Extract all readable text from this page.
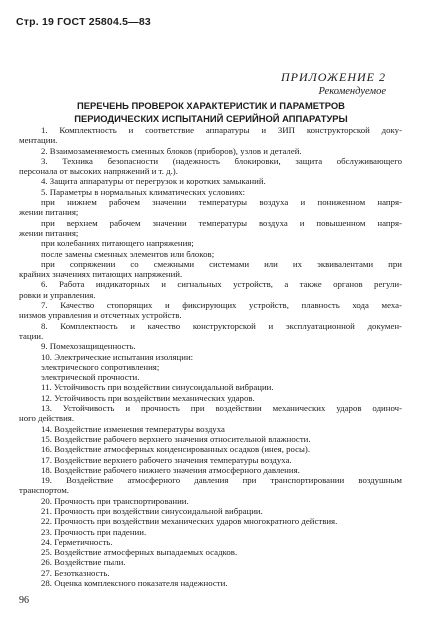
Стр. 19 ГОСТ 25804.5—83
ПРИЛОЖЕНИЕ 2
Рекомендуемое
ПЕРЕЧЕНЬ ПРОВЕРОК ХАРАКТЕРИСТИК И ПАРАМЕТРОВ
ПЕРИОДИЧЕСКИХ ИСПЫТАНИЙ СЕРИЙНОЙ АППАРАТУРЫ
1. Комплектность и соответствие аппаратуры и ЗИП конструкторской доку-
ментации.
2. Взаимозаменяемость сменных блоков (приборов), узлов и деталей.
3. Техника безопасности (надежность блокировки, защита обслуживающего
персонала от высоких напряжений и т. д.).
4. Защита аппаратуры от перегрузок и коротких замыканий.
5. Параметры в нормальных климатических условиях:
при нижнем рабочем значении температуры воздуха и пониженном напря-
жении питания;
при верхнем рабочем значении температуры воздуха и повышенном напря-
жении питания;
при колебаниях питающего напряжения;
после замены сменных элементов или блоков;
при сопряжении со смежными системами или их эквивалентами при
крайних значениях питающих напряжений.
6. Работа индикаторных и сигнальных устройств, а также органов регули-
ровки и управления.
7. Качество стопорящих и фиксирующих устройств, плавность хода меха-
низмов управления и отсчетных устройств.
8. Комплектность и качество конструкторской и эксплуатационной докумен-
тации.
9. Помехозащищенность.
10. Электрические испытания изоляции:
электрического сопротивления;
электрической прочности.
11. Устойчивость при воздействии синусоидальной вибрации.
12. Устойчивость при воздействии механических ударов.
13. Устойчивость и прочность при воздействии механических ударов одиноч-
ного действия.
14. Воздействие изменения температуры воздуха
15. Воздействие рабочего верхнего значения относительной влажности.
16. Воздействие атмосферных конденсированных осадков (инея, росы).
17. Воздействие верхнего рабочего значения температуры воздуха.
18. Воздействие рабочего нижнего значения атмосферного давления.
19. Воздействие атмосферного давления при транспортировании воздушным
транспортом.
20. Прочность при транспортировании.
21. Прочность при воздействии синусоидальной вибрации.
22. Прочность при воздействии механических ударов многократного действия.
23. Прочность при падении.
24. Герметичность.
25. Воздействие атмосферных выпадаемых осадков.
26. Воздействие пыли.
27. Безотказность.
28. Оценка комплексного показателя надежности.
96
